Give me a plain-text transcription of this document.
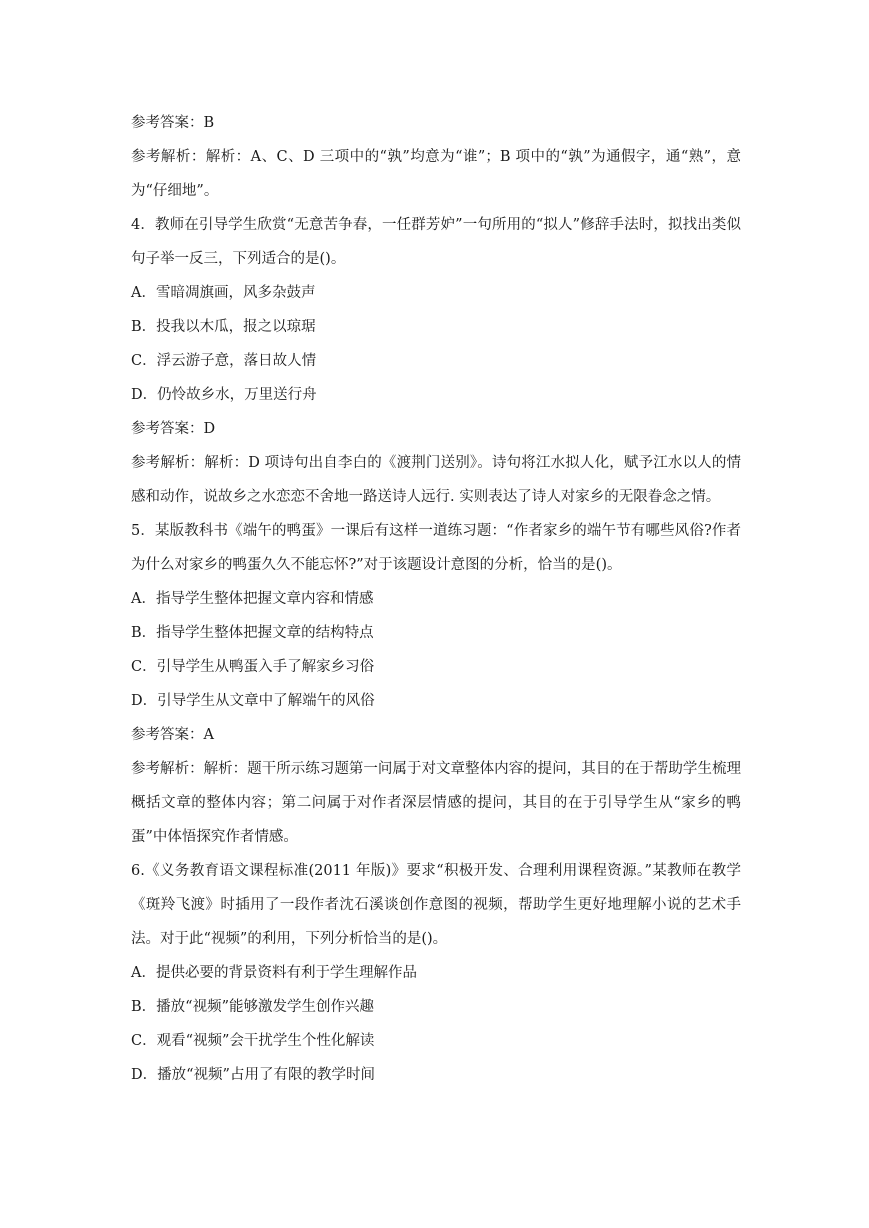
参考答案：B

参考解析：解析：A、C、D 三项中的“孰”均意为“谁”；B 项中的“孰”为通假字，通“熟”，意为“仔细地”。

4．教师在引导学生欣赏“无意苦争春，一任群芳妒”一句所用的“拟人”修辞手法时，拟找出类似句子举一反三，下列适合的是()。

A．雪暗凋旗画，风多杂鼓声

B．投我以木瓜，报之以琼琚

C．浮云游子意，落日故人情

D．仍怜故乡水，万里送行舟

参考答案：D

参考解析：解析：D 项诗句出自李白的《渡荆门送别》。诗句将江水拟人化，赋予江水以人的情感和动作，说故乡之水恋恋不舍地一路送诗人远行. 实则表达了诗人对家乡的无限眷念之情。

5．某版教科书《端午的鸭蛋》一课后有这样一道练习题：“作者家乡的端午节有哪些风俗?作者为什么对家乡的鸭蛋久久不能忘怀?”对于该题设计意图的分析，恰当的是()。

A．指导学生整体把握文章内容和情感

B．指导学生整体把握文章的结构特点

C．引导学生从鸭蛋入手了解家乡习俗

D．引导学生从文章中了解端午的风俗

参考答案：A

参考解析：解析：题干所示练习题第一问属于对文章整体内容的提问，其目的在于帮助学生梳理概括文章的整体内容；第二问属于对作者深层情感的提问，其目的在于引导学生从“家乡的鸭蛋”中体悟探究作者情感。

6.《义务教育语文课程标准(2011 年版)》要求“积极开发、合理利用课程资源。”某教师在教学《斑羚飞渡》时插用了一段作者沈石溪谈创作意图的视频，帮助学生更好地理解小说的艺术手法。对于此“视频”的利用，下列分析恰当的是()。

A．提供必要的背景资料有利于学生理解作品

B．播放“视频”能够激发学生创作兴趣

C．观看“视频”会干扰学生个性化解读

D．播放“视频”占用了有限的教学时间
